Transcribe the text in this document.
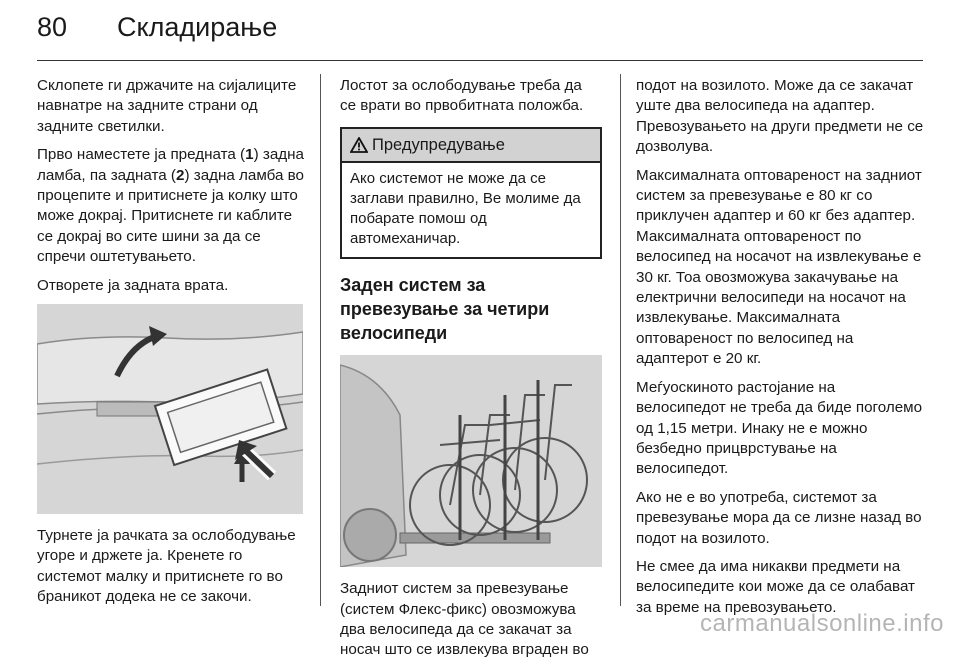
80	Складирање

Склопете ги држачите на сијалиците навнатре на задните страни од задните светилки.

Прво наместете ја предната (1) задна ламба, па задната (2) задна ламба во процепите и притиснете ја колку што може докрај. Притиснете ги каблите се докрај во сите шини за да се спречи оштетувањето.

Отворете ја задната врата.

Турнете ја рачката за ослободување угоре и држете ја. Кренете го системот малку и притиснете го во браникот додека не се закочи.

Лостот за ослободување треба да се врати во првобитната положба.

Предупредување
Ако системот не може да се заглави правилно, Ве молиме да побарате помош од автомеханичар.
Заден систем за превезување за четири велосипеди

Задниот систем за превезување (систем Флекс-фикс) овозможува два велосипеда да се закачат за носач што се извлекува вграден во

подот на возилото. Може да се закачат уште два велосипеда на адаптер. Превозувањето на други предмети не се дозволува.

Максималната оптовареност на задниот систем за превезување е 80 кг со приклучен адаптер и 60 кг без адаптер. Максималната оптовареност по велосипед на носачот на извлекување е 30 кг. Тоа овозможува закачување на електрични велосипеди на носачот на извлекување. Максималната оптовареност по велосипед на адаптерот е 20 кг.

Меѓуоскиното растојание на велосипедот не треба да биде поголемо од 1,15 метри. Инаку не е можно безбедно прицврстување на велосипедот.

Ако не е во употреба, системот за превезување мора да се лизне назад во подот на возилото.

Не смее да има никакви предмети на велосипедите кои може да се олабават за време на превозувањето.

carmanualsonline.info
